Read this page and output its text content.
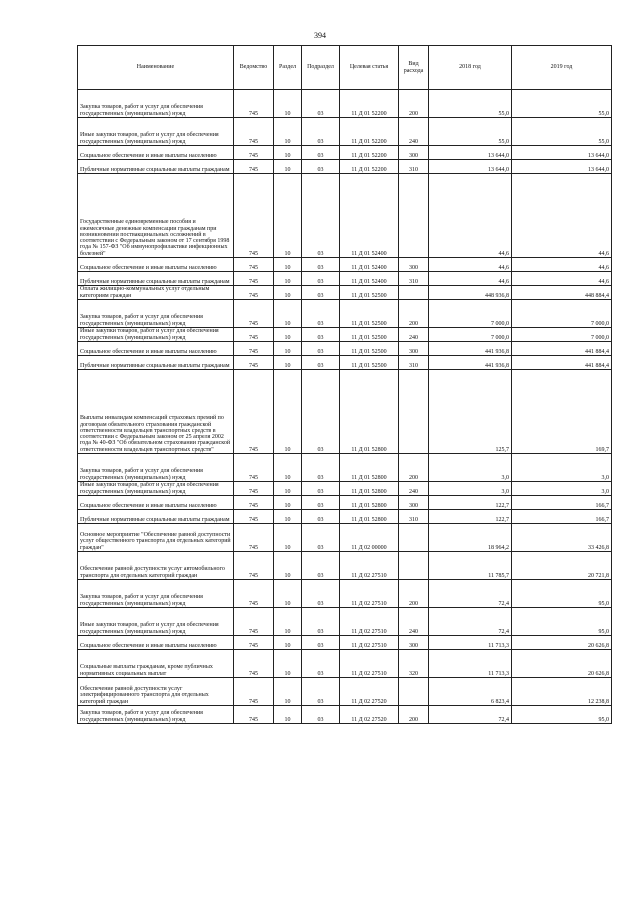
394
Наименование	Ведомство	Раздел	Подраздел	Целевая статья	Вид расхода	2018 год	2019 год
Закупка товаров, работ и услуг для обеспечения государственных (муниципальных) нужд	745	10	03	11 Д 01 52200	200	55,0	55,0
Иные закупки товаров, работ и услуг для обеспечения государственных (муниципальных) нужд	745	10	03	11 Д 01 52200	240	55,0	55,0
Социальное обеспечение и иные выплаты населению	745	10	03	11 Д 01 52200	300	13 644,0	13 644,0
Публичные нормативные социальные выплаты гражданам	745	10	03	11 Д 01 52200	310	13 644,0	13 644,0
Государственные единовременные пособия и ежемесячные денежные компенсации гражданам при возникновении поствакцинальных осложнений в соответствии с Федеральным законом от 17 сентября 1998 года № 157-ФЗ "Об иммунопрофилактике инфекционных болезней"	745	10	03	11 Д 01 52400		44,6	44,6
Социальное обеспечение и иные выплаты населению	745	10	03	11 Д 01 52400	300	44,6	44,6
Публичные нормативные социальные выплаты гражданам	745	10	03	11 Д 01 52400	310	44,6	44,6
Оплата жилищно-коммунальных услуг отдельным категориям граждан	745	10	03	11 Д 01 52500		448 936,8	448 884,4
Закупка товаров, работ и услуг для обеспечения государственных (муниципальных) нужд	745	10	03	11 Д 01 52500	200	7 000,0	7 000,0
Иные закупки товаров, работ и услуг для обеспечения государственных (муниципальных) нужд	745	10	03	11 Д 01 52500	240	7 000,0	7 000,0
Социальное обеспечение и иные выплаты населению	745	10	03	11 Д 01 52500	300	441 936,8	441 884,4
Публичные нормативные социальные выплаты гражданам	745	10	03	11 Д 01 52500	310	441 936,8	441 884,4
Выплаты инвалидам компенсаций страховых премий по договорам обязательного страхования гражданской ответственности владельцев транспортных средств в соответствии с Федеральным законом от 25 апреля 2002 года № 40-ФЗ "Об обязательном страховании гражданской ответственности владельцев транспортных средств"	745	10	03	11 Д 01 52800		125,7	169,7
Закупка товаров, работ и услуг для обеспечения государственных (муниципальных) нужд	745	10	03	11 Д 01 52800	200	3,0	3,0
Иные закупки товаров, работ и услуг для обеспечения государственных (муниципальных) нужд	745	10	03	11 Д 01 52800	240	3,0	3,0
Социальное обеспечение и иные выплаты населению	745	10	03	11 Д 01 52800	300	122,7	166,7
Публичные нормативные социальные выплаты гражданам	745	10	03	11 Д 01 52800	310	122,7	166,7
Основное мероприятие "Обеспечение равной доступности услуг общественного транспорта для отдельных категорий граждан"	745	10	03	11 Д 02 00000		18 964,2	33 426,8
Обеспечение равной доступности услуг автомобильного транспорта для отдельных категорий граждан	745	10	03	11 Д 02 27510		11 785,7	20 721,8
Закупка товаров, работ и услуг для обеспечения государственных (муниципальных) нужд	745	10	03	11 Д 02 27510	200	72,4	95,0
Иные закупки товаров, работ и услуг для обеспечения государственных (муниципальных) нужд	745	10	03	11 Д 02 27510	240	72,4	95,0
Социальное обеспечение и иные выплаты населению	745	10	03	11 Д 02 27510	300	11 713,3	20 626,8
Социальные выплаты гражданам, кроме публичных нормативных социальных выплат	745	10	03	11 Д 02 27510	320	11 713,3	20 626,8
Обеспечение равной доступности услуг электрифицированного транспорта для отдельных категорий граждан	745	10	03	11 Д 02 27520		6 823,4	12 238,8
Закупка товаров, работ и услуг для обеспечения государственных (муниципальных) нужд	745	10	03	11 Д 02 27520	200	72,4	95,0
